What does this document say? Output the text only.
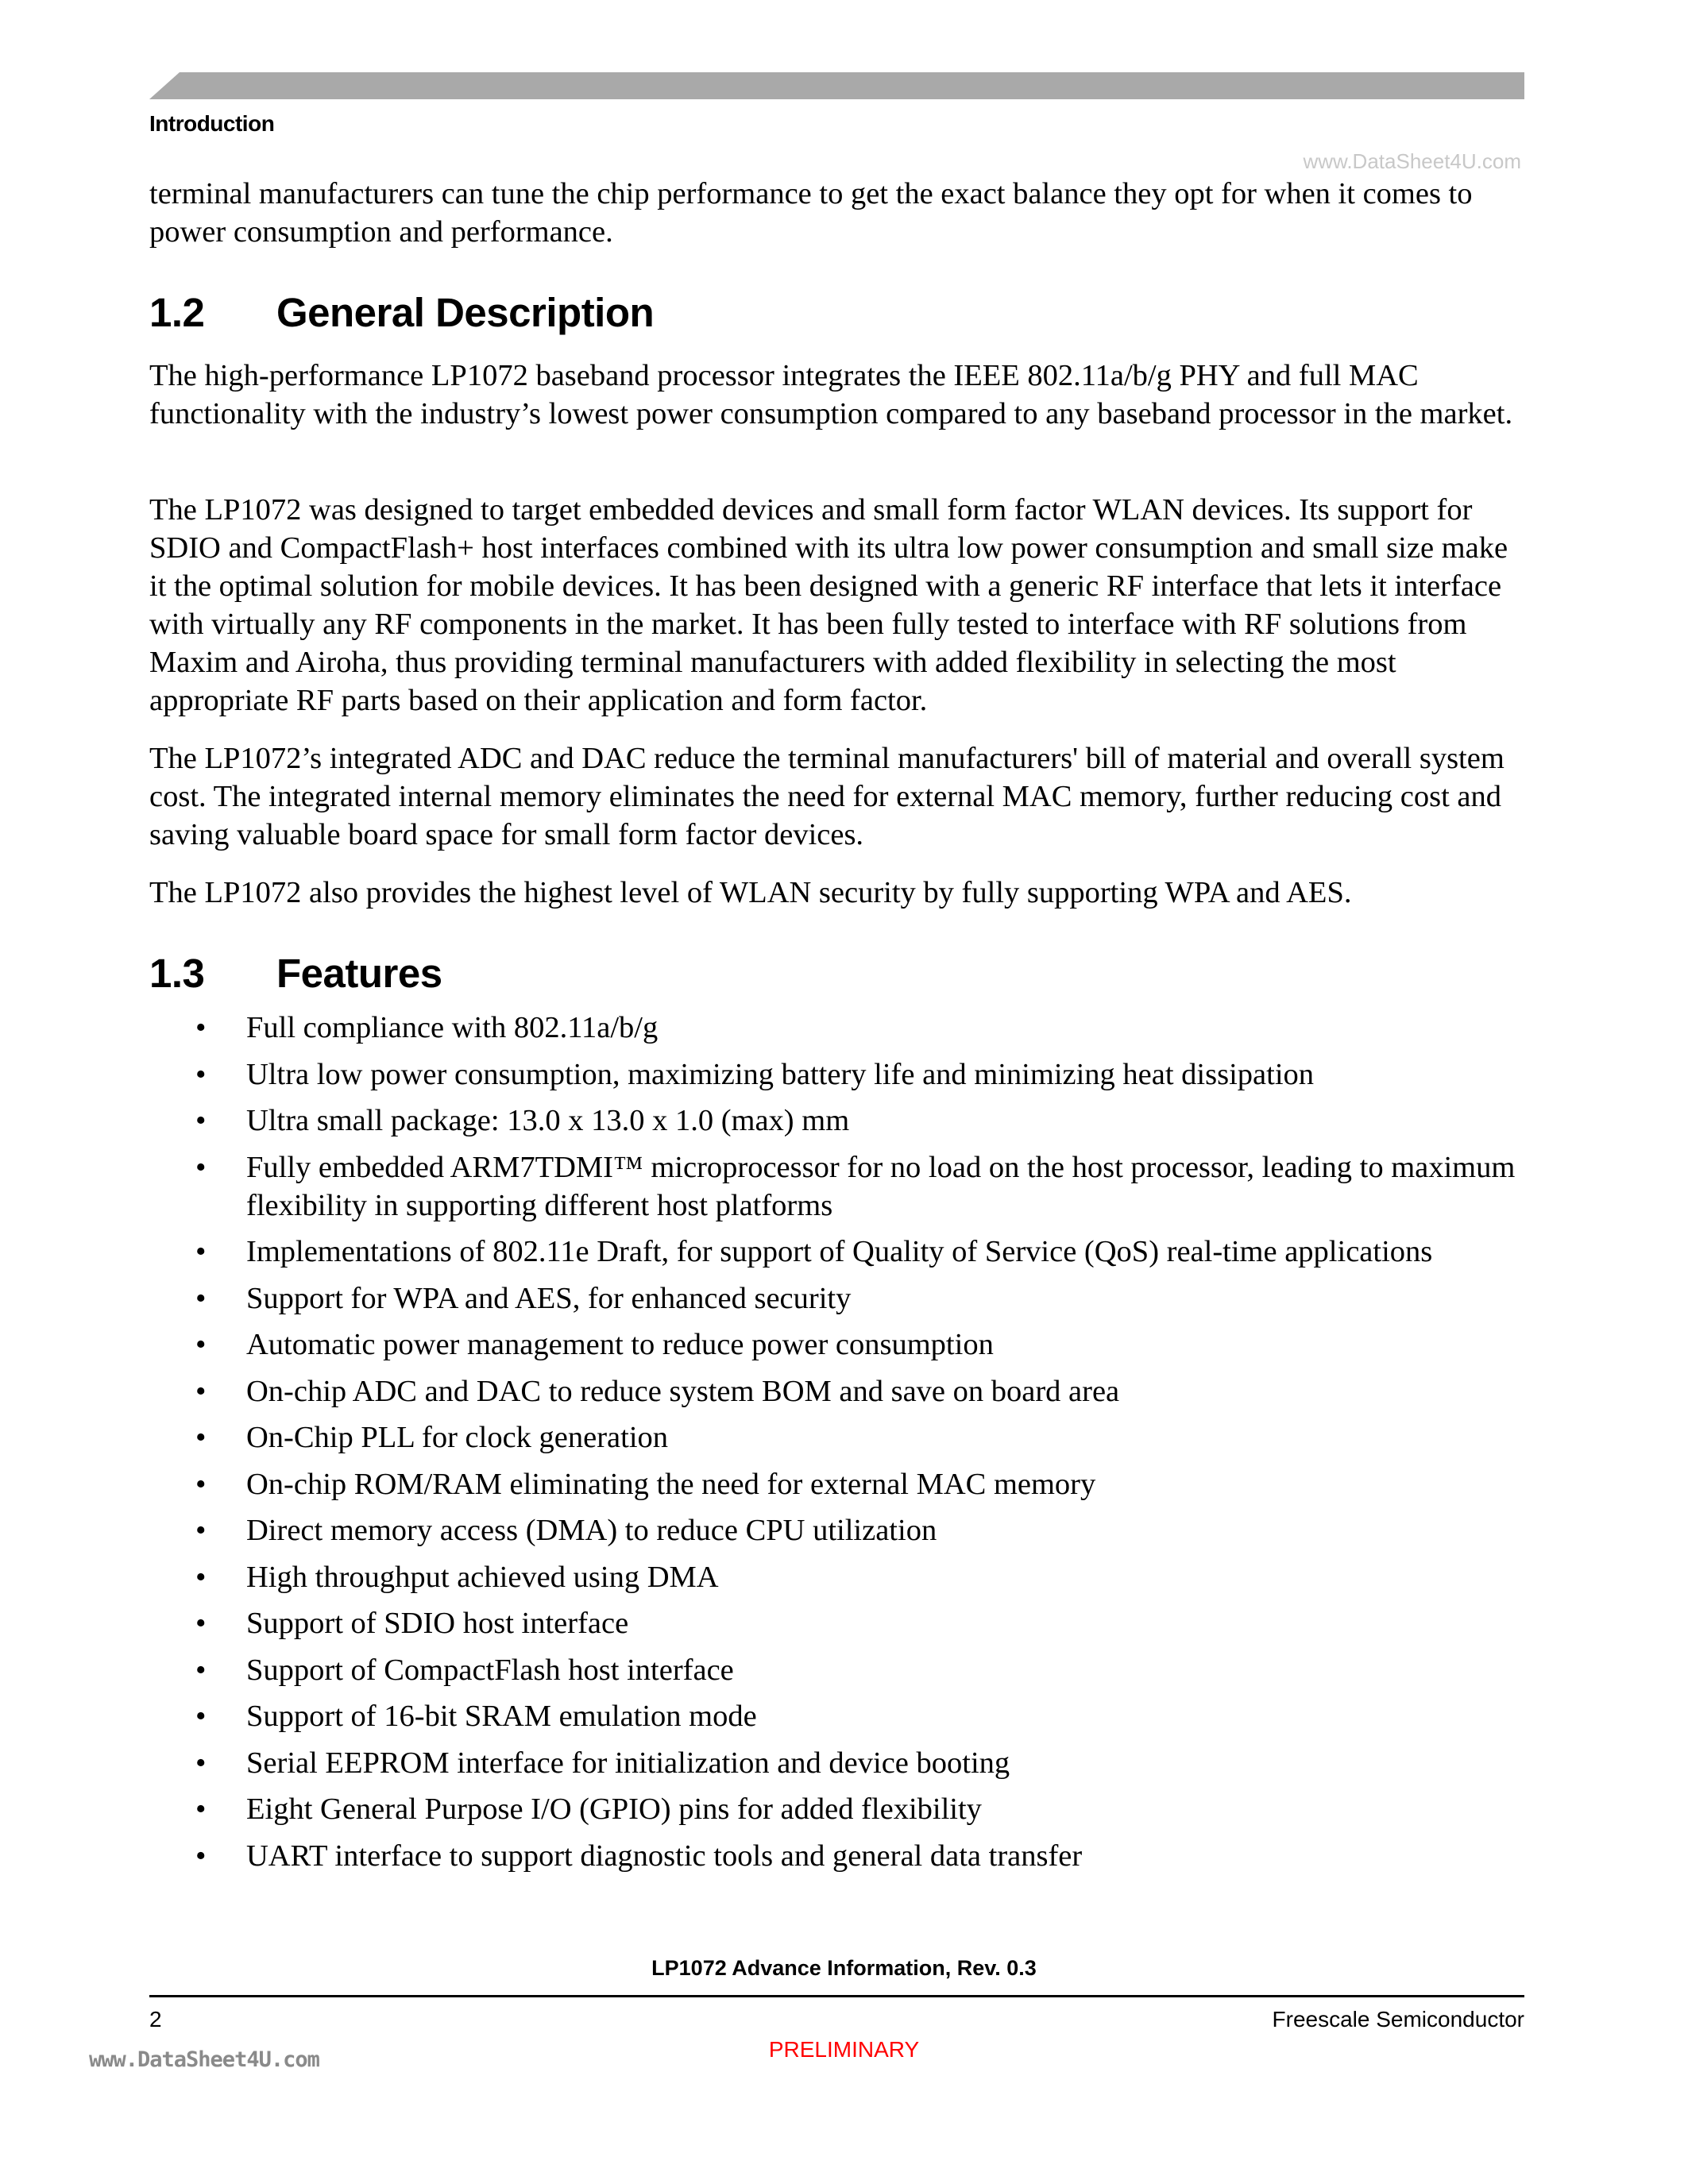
Introduction
www.DataSheet4U.com

terminal manufacturers can tune the chip performance to get the exact balance they opt for when it comes to power consumption and performance.

1.2	General Description

The high-performance LP1072 baseband processor integrates the IEEE 802.11a/b/g PHY and full MAC functionality with the industry’s lowest power consumption compared to any baseband processor in the market.

The LP1072 was designed to target embedded devices and small form factor WLAN devices. Its support for SDIO and CompactFlash+ host interfaces combined with its ultra low power consumption and small size make it the optimal solution for mobile devices. It has been designed with a generic RF interface that lets it interface with virtually any RF components in the market. It has been fully tested to interface with RF solutions from Maxim and Airoha, thus providing terminal manufacturers with added flexibility in selecting the most appropriate RF parts based on their application and form factor.

The LP1072’s integrated ADC and DAC reduce the terminal manufacturers' bill of material and overall system cost. The integrated internal memory eliminates the need for external MAC memory, further reducing cost and saving valuable board space for small form factor devices.

The LP1072 also provides the highest level of WLAN security by fully supporting WPA and AES.

1.3	Features
• Full compliance with 802.11a/b/g
• Ultra low power consumption, maximizing battery life and minimizing heat dissipation
• Ultra small package: 13.0 x 13.0 x 1.0 (max) mm
• Fully embedded ARM7TDMI™ microprocessor for no load on the host processor, leading to maximum flexibility in supporting different host platforms
• Implementations of 802.11e Draft, for support of Quality of Service (QoS) real-time applications
• Support for WPA and AES, for enhanced security
• Automatic power management to reduce power consumption
• On-chip ADC and DAC to reduce system BOM and save on board area
• On-Chip PLL for clock generation
• On-chip ROM/RAM eliminating the need for external MAC memory
• Direct memory access (DMA) to reduce CPU utilization
• High throughput achieved using DMA
• Support of SDIO host interface
• Support of CompactFlash host interface
• Support of 16-bit SRAM emulation mode
• Serial EEPROM interface for initialization and device booting
• Eight General Purpose I/O (GPIO) pins for added flexibility
• UART interface to support diagnostic tools and general data transfer
LP1072 Advance Information, Rev. 0.3
2	Freescale Semiconductor
PRELIMINARY
www.DataSheet4U.com
